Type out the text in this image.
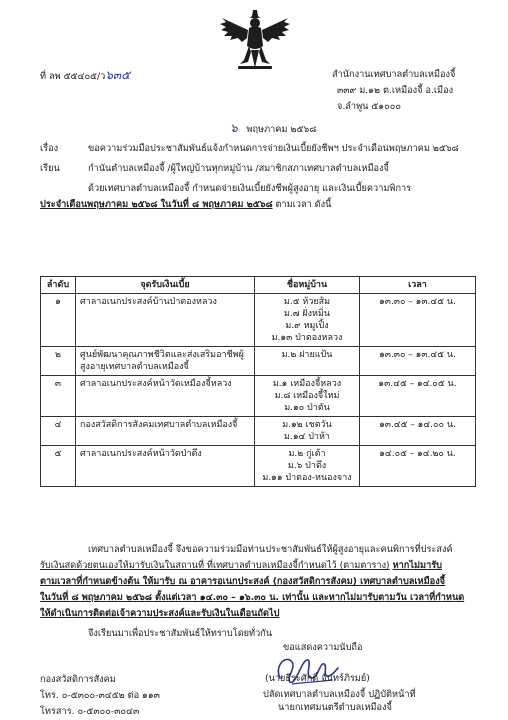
ที่ ลพ ๕๕๔๐๕/ว๖๓๕	สำนักงานเทศบาลตำบลเหมืองจี้
๓๓๙ ม.๑๒ ต.เหมืองจี้ อ.เมือง
จ.ลำพูน ๕๑๐๐๐
๖ พฤษภาคม ๒๕๖๘
เรื่อง	ขอความร่วมมือประชาสัมพันธ์แจ้งกำหนดการจ่ายเงินเบี้ยยังชีพฯ ประจำเดือนพฤษภาคม ๒๕๖๘
เรียน	กำนันตำบลเหมืองจี้ /ผู้ใหญ่บ้านทุกหมู่บ้าน /สมาชิกสภาเทศบาลตำบลเหมืองจี้
ด้วยเทศบาลตำบลเหมืองจี้ กำหนดจ่ายเงินเบี้ยยังชีพผู้สูงอายุ และเงินเบี้ยความพิการ
ประจำเดือนพฤษภาคม ๒๕๖๘ ในวันที่ ๘ พฤษภาคม ๒๕๖๘ ตามเวลา ดังนี้
ลำดับ	จุดรับเงินเบี้ย	ชื่อหมู่บ้าน	เวลา
๑	ศาลาอเนกประสงค์บ้านป่าตองหลวง	ม.๕ ห้วยส้ม
ม.๗ ฝั่งหมิ่น
ม.๙ หมูเปิ้ง
ม.๑๓ ป่าตองหลวง	๑๓.๓๐ – ๑๓.๔๕ น.
๒	ศูนย์พัฒนาคุณภาพชีวิตและส่งเสริมอาชีพผู้สูงอายุเทศบาลตำบลเหมืองจี้	ม.๒ ฝายแป้น	๑๓.๓๐ – ๑๓.๔๕ น.
๓	ศาลาอเนกประสงค์หน้าวัดเหมืองจี้หลวง	ม.๑ เหมืองจี้หลวง
ม.๘ เหมืองจี้ใหม่
ม.๑๐ ป่าตัน	๑๓.๔๕ – ๑๔.๐๕ น.
๔	กองสวัสดิการสังคมเทศบาลตำบลเหมืองจี้	ม.๑๒ เชตวัน
ม.๑๔ ป่าห้า	๑๓.๔๕ – ๑๔.๐๐ น.
๕	ศาลาอเนกประสงค์หน้าวัดป่าตึง	ม.๒ กู่เต้า
ม.๖ ป่าตึง
ม.๑๑ ป่าตอง-หนองจาง	๑๔.๐๕ – ๑๔.๒๐ น.
เทศบาลตำบลเหมืองจี้ จึงขอความร่วมมือท่านประชาสัมพันธ์ให้ผู้สูงอายุและคนพิการที่ประสงค์
รับเงินสดด้วยตนเองให้มารับเงินในสถานที่ ที่เทศบาลตำบลเหมืองจี้กำหนดไว้ (ตามตาราง) หากไม่มารับ
ตามเวลาที่กำหนดข้างต้น ให้มารับ ณ อาคารอเนกประสงค์ (กองสวัสดิการสังคม) เทศบาลตำบลเหมืองจี้
ในวันที่ ๘ พฤษภาคม ๒๕๖๘ ตั้งแต่เวลา ๑๔.๓๐ – ๑๖.๓๐ น. เท่านั้น และหากไม่มารับตามวัน เวลาที่กำหนด
ให้ดำเนินการติดต่อเจ้าความประสงค์และรับเงินในเดือนถัดไป
จึงเรียนมาเพื่อประชาสัมพันธ์ให้ทราบโดยทั่วกัน
ขอแสดงความนับถือ
(นายธีระศักดิ์ จันทร์ภิรมย์)
ปลัดเทศบาลตำบลเหมืองจี้ ปฏิบัติหน้าที่
นายกเทศมนตรีตำบลเหมืองจี้
กองสวัสดิการสังคม
โทร. ๐-๕๓๐๐-๓๔๕๒ ต่อ ๑๑๓
โทรสาร. ๐-๕๓๐๐-๓๐๔๓
